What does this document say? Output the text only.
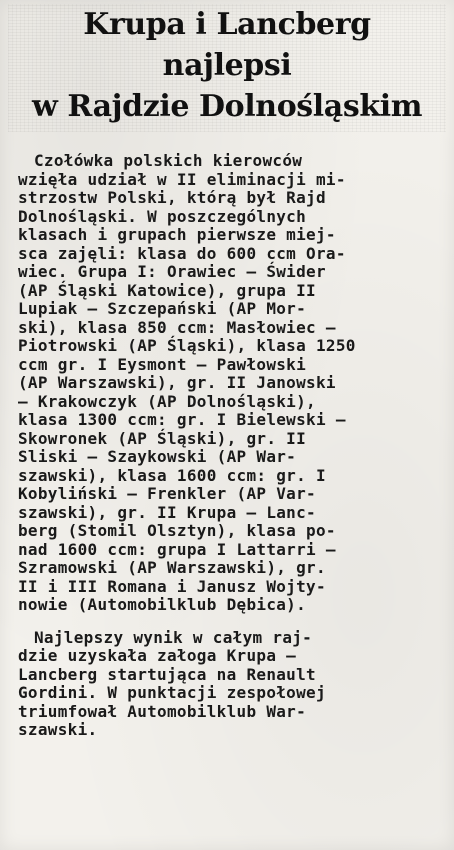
Krupa i Lancberg

najlepsi

w Rajdzie Dolnośląskim

Czołówka polskich kierowców
wzięła udział w II eliminacji mi-
strzostw Polski, którą był Rajd
Dolnośląski. W poszczególnych
klasach i grupach pierwsze miej-
sca zajęli: klasa do 600 ccm Ora-
wiec. Grupa I: Orawiec — Świder
(AP Śląski Katowice), grupa II
Lupiak — Szczepański (AP Mor-
ski), klasa 850 ccm: Masłowiec —
Piotrowski (AP Śląski), klasa 1250
ccm gr. I Eysmont — Pawłowski
(AP Warszawski), gr. II Janowski
— Krakowczyk (AP Dolnośląski),
klasa 1300 ccm: gr. I Bielewski —
Skowronek (AP Śląski), gr. II
Sliski — Szaykowski (AP War-
szawski), klasa 1600 ccm: gr. I
Kobyliński — Frenkler (AP Var-
szawski), gr. II Krupa — Lanc-
berg (Stomil Olsztyn), klasa po-
nad 1600 ccm: grupa I Lattarri —
Szramowski (AP Warszawski), gr.
II i III Romana i Janusz Wojty-
nowie (Automobilklub Dębica).
Najlepszy wynik w całym raj-
dzie uzyskała załoga Krupa —
Lancberg startująca na Renault
Gordini. W punktacji zespołowej
triumfował Automobilklub War-
szawski.
